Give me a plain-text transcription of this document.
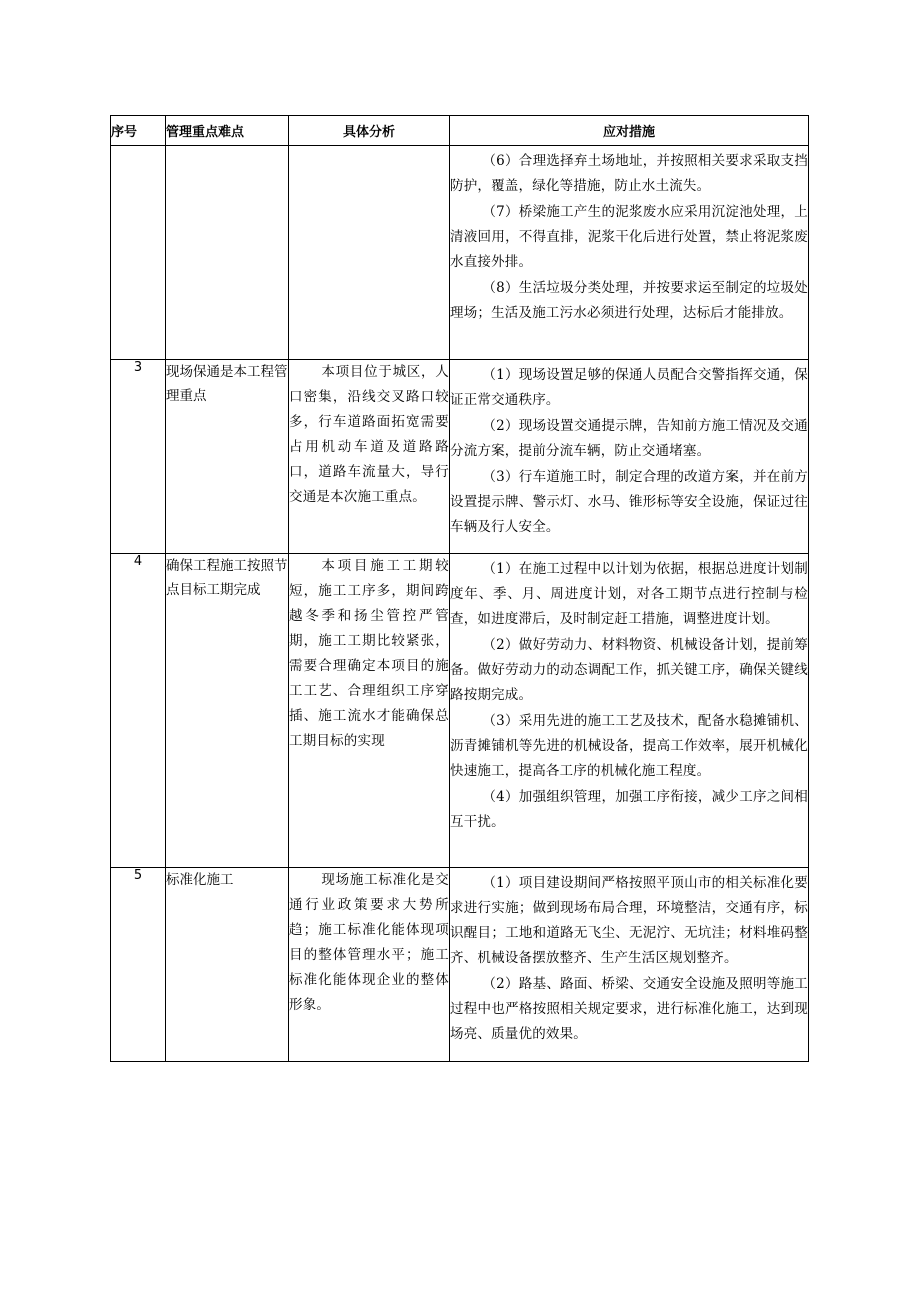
序号	管理重点难点	具体分析	应对措施

			（6）合理选择弃土场地址，并按照相关要求采取支挡防护，覆盖，绿化等措施，防止水土流失。
（7）桥梁施工产生的泥浆废水应采用沉淀池处理，上清液回用，不得直排，泥浆干化后进行处置，禁止将泥浆废水直接外排。
（8）生活垃圾分类处理，并按要求运至制定的垃圾处理场；生活及施工污水必须进行处理，达标后才能排放。

3	现场保通是本工程管理重点	本项目位于城区，人口密集，沿线交叉路口较多，行车道路面拓宽需要占用机动车道及道路路口，道路车流量大，导行交通是本次施工重点。	（1）现场设置足够的保通人员配合交警指挥交通，保证正常交通秩序。
（2）现场设置交通提示牌，告知前方施工情况及交通分流方案，提前分流车辆，防止交通堵塞。
（3）行车道施工时，制定合理的改道方案，并在前方设置提示牌、警示灯、水马、锥形标等安全设施，保证过往车辆及行人安全。

4	确保工程施工按照节点目标工期完成	本项目施工工期较短，施工工序多，期间跨越冬季和扬尘管控严管期，施工工期比较紧张，需要合理确定本项目的施工工艺、合理组织工序穿插、施工流水才能确保总工期目标的实现	（1）在施工过程中以计划为依据，根据总进度计划制度年、季、月、周进度计划，对各工期节点进行控制与检查，如进度滞后，及时制定赶工措施，调整进度计划。
（2）做好劳动力、材料物资、机械设备计划，提前筹备。做好劳动力的动态调配工作，抓关键工序，确保关键线路按期完成。
（3）采用先进的施工工艺及技术，配备水稳摊铺机、沥青摊铺机等先进的机械设备，提高工作效率，展开机械化快速施工，提高各工序的机械化施工程度。
（4）加强组织管理，加强工序衔接，减少工序之间相互干扰。

5	标准化施工	现场施工标准化是交通行业政策要求大势所趋；施工标准化能体现项目的整体管理水平；施工标准化能体现企业的整体形象。	（1）项目建设期间严格按照平顶山市的相关标准化要求进行实施；做到现场布局合理，环境整洁，交通有序，标识醒目；工地和道路无飞尘、无泥泞、无坑洼；材料堆码整齐、机械设备摆放整齐、生产生活区规划整齐。
（2）路基、路面、桥梁、交通安全设施及照明等施工过程中也严格按照相关规定要求，进行标准化施工，达到现场亮、质量优的效果。
